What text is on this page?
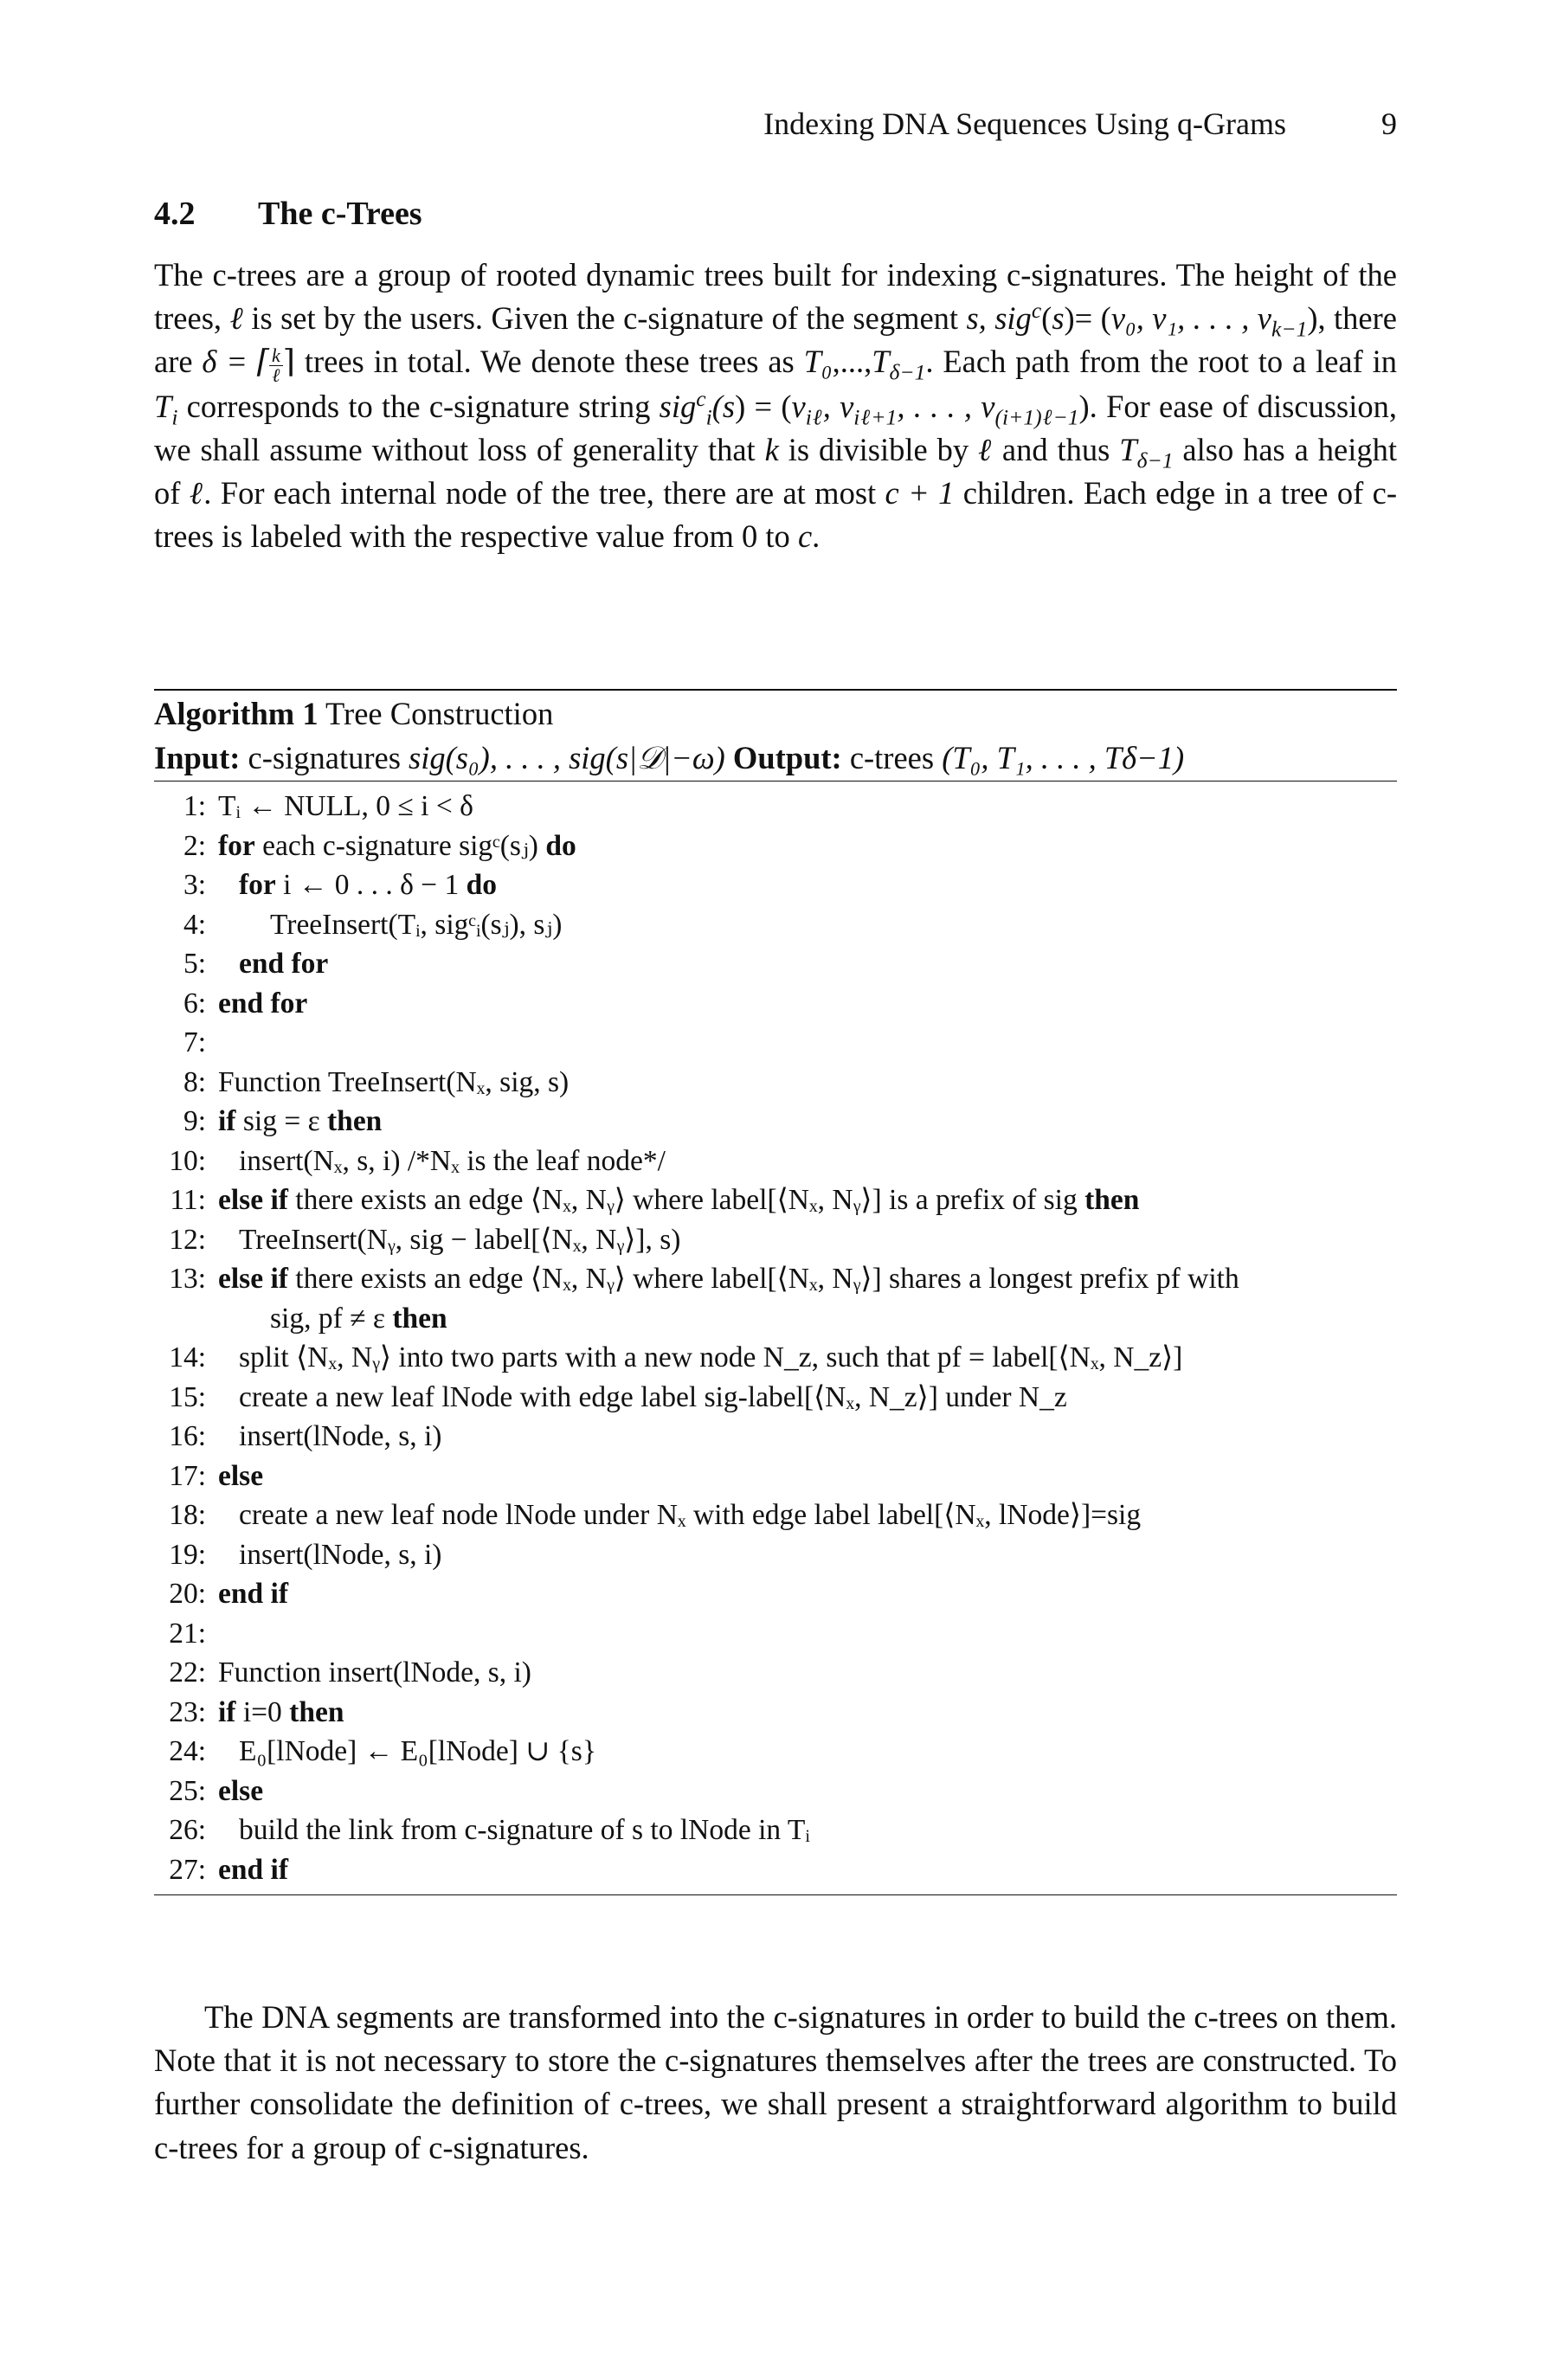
Indexing DNA Sequences Using q-Grams	9
4.2 The c-Trees
The c-trees are a group of rooted dynamic trees built for indexing c-signatures. The height of the trees, ℓ is set by the users. Given the c-signature of the segment s, sig$^c$(s)= (v₀, v₁, . . . , $v_{k-1}$), there are δ = ⌈ $\frac{k}{\text{ℓ}}$ ⌉ trees in total. We denote these trees as $T_0,...,T_{\delta-1}$. Each path from the root to a leaf in $T_i$ corresponds to the c-signature string $sig^c_i(s) = (v_{i\ell}$, $v_{i\ell+1}$, . . . , $v_{(i+1)\ell-1}$). For ease of discussion, we shall assume without loss of generality that k is divisible by ℓ and thus $T_{\delta-1}$ also has a height of ℓ. For each internal node of the tree, there are at most c + 1 children. Each edge in a tree of c-trees is labeled with the respective value from 0 to c.
Algorithm 1 Tree Construction
Input: c-signatures sig(s₀), . . . , sig(s|𝒟|−ω) Output: c-trees (T₀, T₁, . . . , Tδ−1)
1: Tᵢ ← NULL, 0 ≤ i < δ
2: for each c-signature sigᶜ(sⱼ) do
3:	for i ← 0 . . . δ − 1 do
4:	TreeInsert(Tᵢ, sigᶜᵢ(sⱼ), sⱼ)
5:	end for
6: end for
7:

8: Function TreeInsert(Nₓ, sig, s)
9: if sig = ε then
10:	insert(Nₓ, s, i) /*Nₓ is the leaf node*/
11: else if there exists an edge ⟨Nₓ, Nᵧ⟩ where label[⟨Nₓ, Nᵧ⟩] is a prefix of sig then
12:	TreeInsert(Nᵧ, sig − label[⟨Nₓ, Nᵧ⟩], s)
13: else if there exists an edge ⟨Nₓ, Nᵧ⟩ where label[⟨Nₓ, Nᵧ⟩] shares a longest prefix pf with
sig, pf ≠ ε then
14:	split ⟨Nₓ, Nᵧ⟩ into two parts with a new node N_z, such that pf = label[⟨Nₓ, N_z⟩]
15:	create a new leaf lNode with edge label sig-label[⟨Nₓ, N_z⟩] under N_z
16:	insert(lNode, s, i)
17: else
18:	create a new leaf node lNode under Nₓ with edge label label[⟨Nₓ, lNode⟩]=sig
19:	insert(lNode, s, i)
20: end if
21:

22: Function insert(lNode, s, i)
23: if i=0 then
24:	E₀[lNode] ← E₀[lNode] ∪ {s}
25: else
26:	build the link from c-signature of s to lNode in Tᵢ
27: end if
The DNA segments are transformed into the c-signatures in order to build the c-trees on them. Note that it is not necessary to store the c-signatures themselves after the trees are constructed. To further consolidate the definition of c-trees, we shall present a straightforward algorithm to build c-trees for a group of c-signatures.
